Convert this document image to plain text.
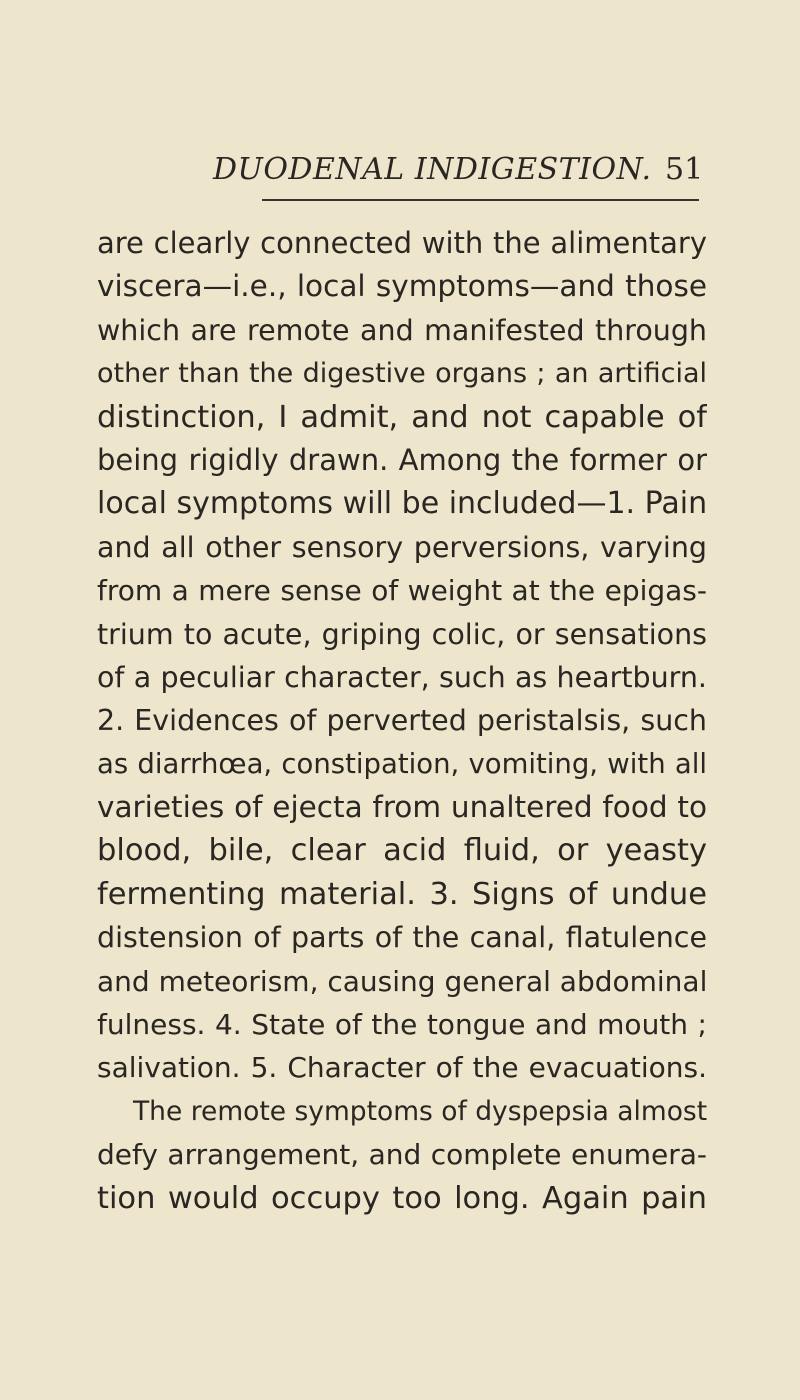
DUODENAL INDIGESTION. 51
are clearly connected with the alimentary
viscera—i.e., local symptoms—and those
which are remote and manifested through
other than the digestive organs ; an artificial
distinction, I admit, and not capable of
being rigidly drawn. Among the former or
local symptoms will be included—1. Pain
and all other sensory perversions, varying
from a mere sense of weight at the epigas-
trium to acute, griping colic, or sensations
of a peculiar character, such as heartburn.
2. Evidences of perverted peristalsis, such
as diarrhœa, constipation, vomiting, with all
varieties of ejecta from unaltered food to
blood, bile, clear acid fluid, or yeasty
fermenting material. 3. Signs of undue
distension of parts of the canal, flatulence
and meteorism, causing general abdominal
fulness. 4. State of the tongue and mouth ;
salivation. 5. Character of the evacuations.
The remote symptoms of dyspepsia almost
defy arrangement, and complete enumera-
tion would occupy too long. Again pain
